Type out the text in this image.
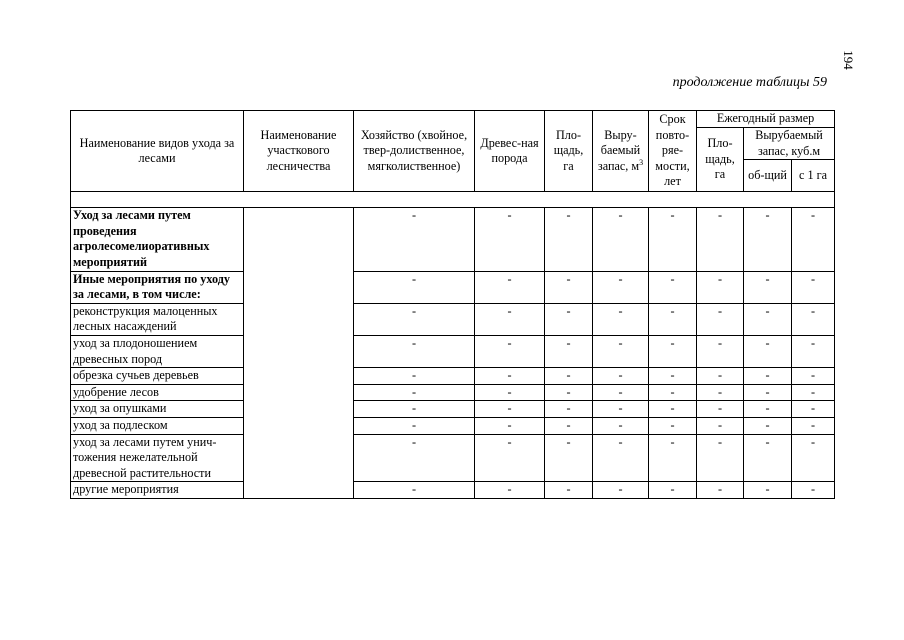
194
продолжение таблицы 59
Наименование видов ухода за лесами	Наименование участкового лесничества	Хозяйство (хвойное, твер-долиственное, мягколиственное)	Древес-ная порода	Пло-щадь, га	Выру-баемый запас, $м^3$	Срок повто-ряе-мости, лет	Ежегодный размер		
							Пло-щадь, га	Вырубаемый запас, куб.м	
								об-щий	с 1 га

Уход за лесами путем проведения агролесомелиоративных мероприятий		-	-	-	-	-	-	-	-
Иные мероприятия по уходу за лесами, в том числе:		-	-	-	-	-	-	-	-
реконструкция малоценных лесных насаждений		-	-	-	-	-	-	-	-
уход за плодоношением древесных пород		-	-	-	-	-	-	-	-
обрезка сучьев деревьев		-	-	-	-	-	-	-	-
удобрение лесов		-	-	-	-	-	-	-	-
уход за опушками		-	-	-	-	-	-	-	-
уход за подлеском		-	-	-	-	-	-	-	-
уход за лесами путем унич-тожения нежелательной древесной растительности		-	-	-	-	-	-	-	-
другие мероприятия		-	-	-	-	-	-	-	-
